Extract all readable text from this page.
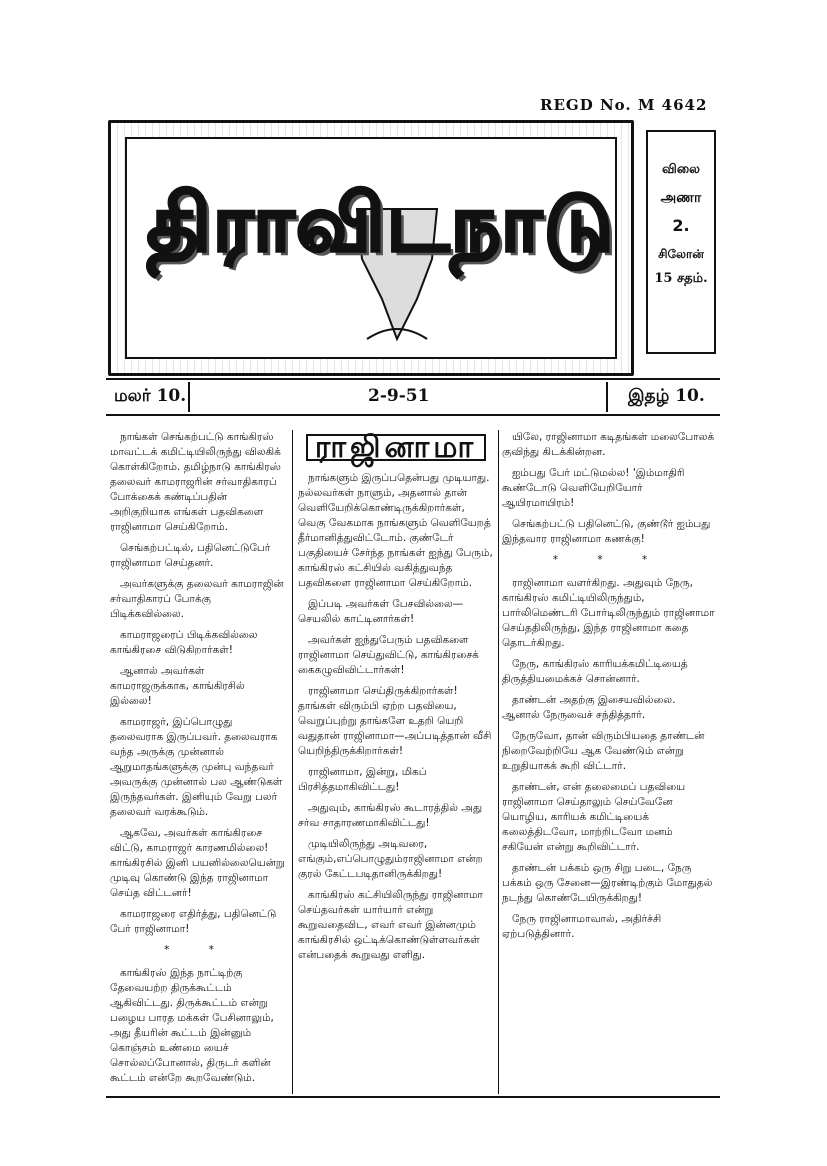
REGD No. M 4642
திராவிடநாடு
விலை
அணா
2.
சிலோன்
15 சதம்.
மலர் 10.	2-9-51	இதழ் 10.

நாங்கள் செங்கற்பட்டு காங்கிரஸ் மாவட்டக் கமிட்டியிலிருந்து விலகிக் கொள்கிறோம். தமிழ்நாடு காங்கிரஸ் தலைவர் காமராஜரின் சர்வாதிகாரப் போக்கைக் கண்டிப்பதின் அறிகுறியாக எங்கள் பதவிகளை ராஜினாமா செய்கிறோம்.

செங்கற்பட்டில், பதினெட்டுபேர் ராஜினாமா செய்தனர்.

அவர்களுக்கு தலைவர் காமராஜின் சர்வாதிகாரப் போக்கு பிடிக்கவில்லை.

காமராஜரைப் பிடிக்கவில்லை காங்கிரசை விடுகிறார்கள்!

ஆனால் அவர்கள் காமராஜருக்காக, காங்கிரசில் இல்லை!

காமராஜர், இப்பொழுது தலைவராக இருப்பவர். தலைவராக வந்த அருக்கு முன்னால் ஆறுமாதங்களுக்கு முன்பு வந்தவர் அவருக்கு முன்னால் பல ஆண்டுகள் இருந்தவர்கள். இனியும் வேறு பலர் தலைவர் வரக்கூடும்.

ஆகவே, அவர்கள் காங்கிரசை விட்டு, காமராஜர் காரணமில்லை! காங்கிரசில் இனி பயனில்லையென்று முடிவு கொண்டு இந்த ராஜினாமா செய்த விட்டனர்!

காமராஜரை எதிர்த்து, பதினெட்டு பேர் ராஜினாமா!

* *

காங்கிரஸ் இந்த நாட்டிற்கு தேவையற்ற திருக்கூட்டம் ஆகிவிட்டது. திருக்கூட்டம் என்று பழைய பாரத மக்கள் பேசினாலும், அது தீயரின் கூட்டம் இன்னும் கொஞ்சம் உண்மை யைச் சொல்லப்போனால், திருடர் களின் கூட்டம் என்றே கூறவேண்டும்.

ராஜினாமா

நாங்களும் இருப்பதென்பது முடியாது. நல்லவர்கள் நாளும், அதனால் தான் வெளியேறிக்கொண்டிருக்கிறார்கள், வெகு வேகமாக நாங்களும் வெளியேறத் தீர்மானித்துவிட்டோம். குண்டேர் பகுதியைச் சேர்ந்த நாங்கள் ஐந்து பேரும், காங்கிரஸ் கட்சியில் வகித்துவந்த பதவிகளை ராஜினாமா செய்கிறோம்.

இப்படி அவர்கள் பேசவில்லை—செயலில் காட்டினார்கள்!

அவர்கள் ஐந்துபேரும் பதவிகளை ராஜினாமா செய்துவிட்டு, காங்கிரசைக் கைகழுவிவிட்டார்கள்!

ராஜினாமா செய்திருக்கிறார்கள்! தாங்கள் விரும்பி ஏற்ற பதவியை, வெறுப்புற்று தாங்களே உதறி யெறி வதுதான் ராஜினாமா—அப்படித்தான் வீசி யெறிந்திருக்கிறார்கள்!

ராஜினாமா, இன்று, மிகப் பிரசித்தமாகிவிட்டது!

அதுவும், காங்கிரஸ் கூடாரத்தில் அது சர்வ சாதாரணமாகிவிட்டது!

முடியிலிருந்து அடிவரை, எங்கும்,எப்பொழுதும்ராஜினாமா என்ற குரல் கேட்டபடிதானிருக்கிறது!

காங்கிரஸ் கட்சியிலிருந்து ராஜினாமா செய்தவர்கள் யார்யார் என்று கூறுவதைவிட, எவர் எவர் இன்னமும் காங்கிரசில் ஒட்டிக்கொண்டுள்ளவர்கள் என்பதைக் கூறுவது எளிது.

யிலே, ராஜினாமா கடிதங்கள் மலைபோலக் குவிந்து கிடக்கின்றன.

ஐம்பது பேர் மட்டுமல்ல! 'இம்மாதிரி கூண்டோடு வெளியேறியோர் ஆயிரமாயிரம்!

செங்கற்பட்டு பதினெட்டு, குண்டூர் ஐம்பது இந்தவார ராஜினாமா கணக்கு!

* * *

ராஜினாமா வளர்கிறது. அதுவும் நேரு, காங்கிரஸ் கமிட்டியிலிருந்தும், பார்லிமெண்டரி போர்டிலிருந்தும் ராஜினாமா செய்ததிலிருந்து, இந்த ராஜினாமா கதை தொடர்கிறது.

நேரு, காங்கிரஸ் காரியக்கமிட்டியைத் திருத்தியமைக்கச் சொன்னார்.

தாண்டன் அதற்கு இசையவில்லை. ஆனால் நேருவைச் சந்தித்தார்.

நேருவோ, தான் விரும்பியதை தாண்டன் நிறைவேற்றியே ஆக வேண்டும் என்று உறுதியாகக் கூறி விட்டார்.

தாண்டன், என் தலைமைப் பதவியை ராஜினாமா செய்தாலும் செய்வேனே யொழிய, காரியக் கமிட்டியைக் கலைத்திடவோ, மாற்றிடவோ மனம் சகியேன் என்று கூறிவிட்டார்.

தாண்டன் பக்கம் ஒரு சிறு படை, நேரு பக்கம் ஒரு சேனை—இரண்டிற்கும் மோதுதல் நடந்து கொண்டேயிருக்கிறது!

நேரு ராஜினாமாவால், அதிர்ச்சி ஏற்படுத்தினார்.
